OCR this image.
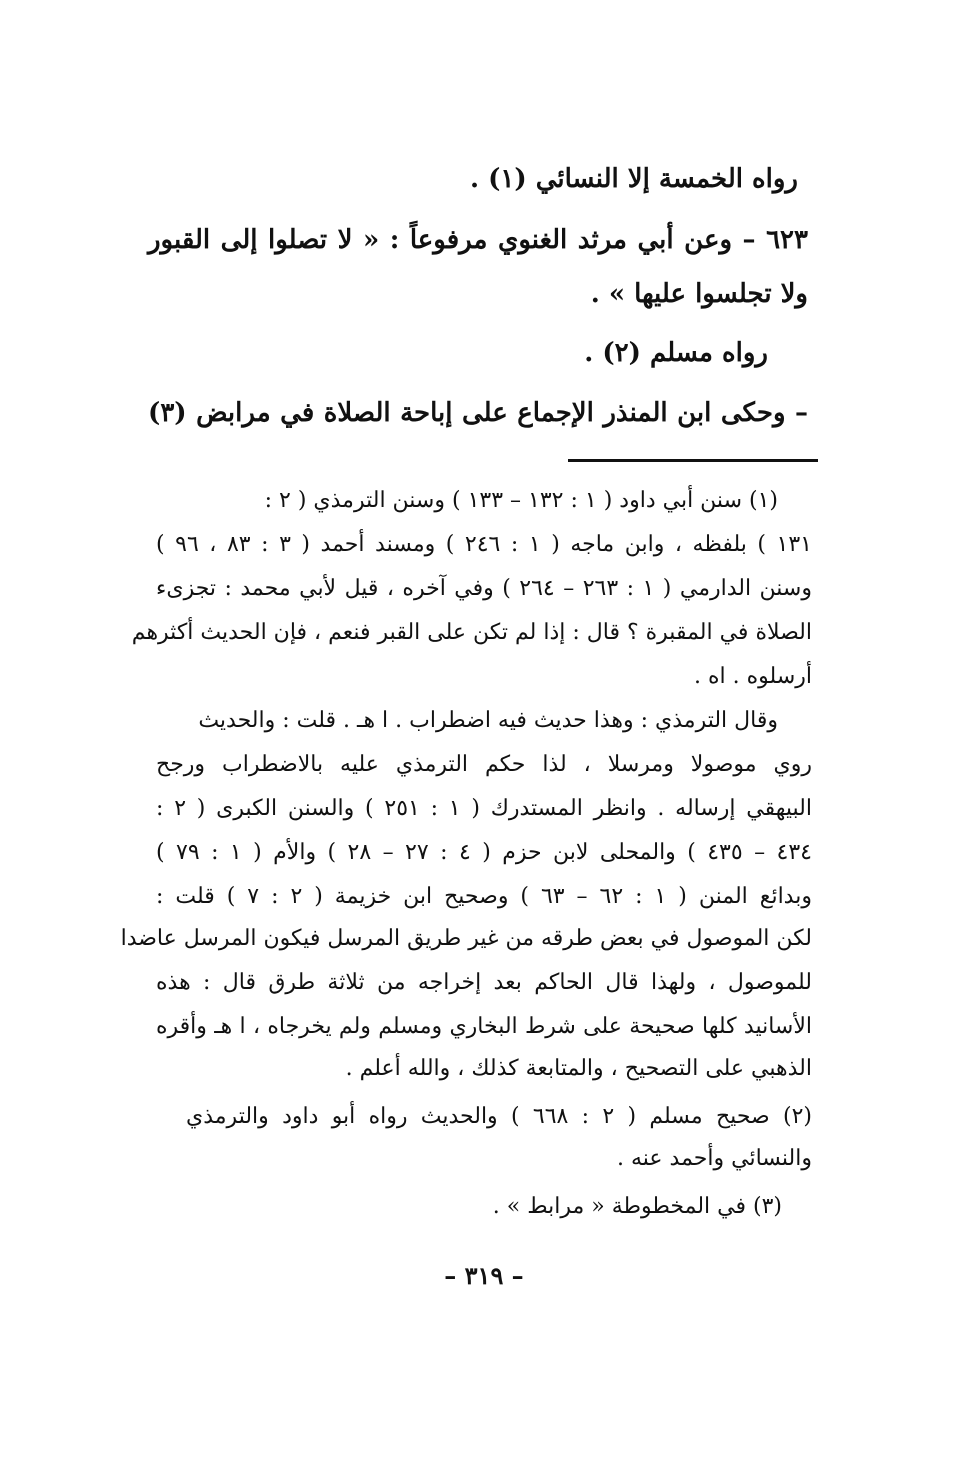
رواه الخمسة إلا النسائي (١) .
٦٢٣ – وعن أبي مرثد الغنوي مرفوعاً : « لا تصلوا إلى القبور
ولا تجلسوا عليها » .
رواه مسلم (٢) .
– وحكى ابن المنذر الإجماع على إباحة الصلاة في مرابض (٣)
(١) سنن أبي داود ( ١ : ١٣٢ – ١٣٣ ) وسنن الترمذي ( ٢ :
١٣١ ) بلفظه ، وابن ماجه ( ١ : ٢٤٦ ) ومسند أحمد ( ٣ : ٨٣ ، ٩٦ )
وسنن الدارمي ( ١ : ٢٦٣ – ٢٦٤ ) وفي آخره ، قيل لأبي محمد : تجزىء
الصلاة في المقبرة ؟ قال : إذا لم تكن على القبر فنعم ، فإن الحديث أكثرهم
أرسلوه . اه .
وقال الترمذي : وهذا حديث فيه اضطراب . ا هـ . قلت : والحديث
روي موصولا ومرسلا ، لذا حكم الترمذي عليه بالاضطراب ورجح
البيهقي إرساله . وانظر المستدرك ( ١ : ٢٥١ ) والسنن الكبرى ( ٢ :
٤٣٤ – ٤٣٥ ) والمحلى لابن حزم ( ٤ : ٢٧ – ٢٨ ) والأم ( ١ : ٧٩ )
وبدائع المنن ( ١ : ٦٢ – ٦٣ ) وصحيح ابن خزيمة ( ٢ : ٧ ) قلت :
لكن الموصول في بعض طرقه من غير طريق المرسل فيكون المرسل عاضدا
للموصول ، ولهذا قال الحاكم بعد إخراجه من ثلاثة طرق قال : هذه
الأسانيد كلها صحيحة على شرط البخاري ومسلم ولم يخرجاه ، ا هـ وأقره
الذهبي على التصحيح ، والمتابعة كذلك ، والله أعلم .
(٢) صحيح مسلم ( ٢ : ٦٦٨ ) والحديث رواه أبو داود والترمذي
والنسائي وأحمد عنه .
(٣) في المخطوطة « مرابط » .
– ٣١٩ –
